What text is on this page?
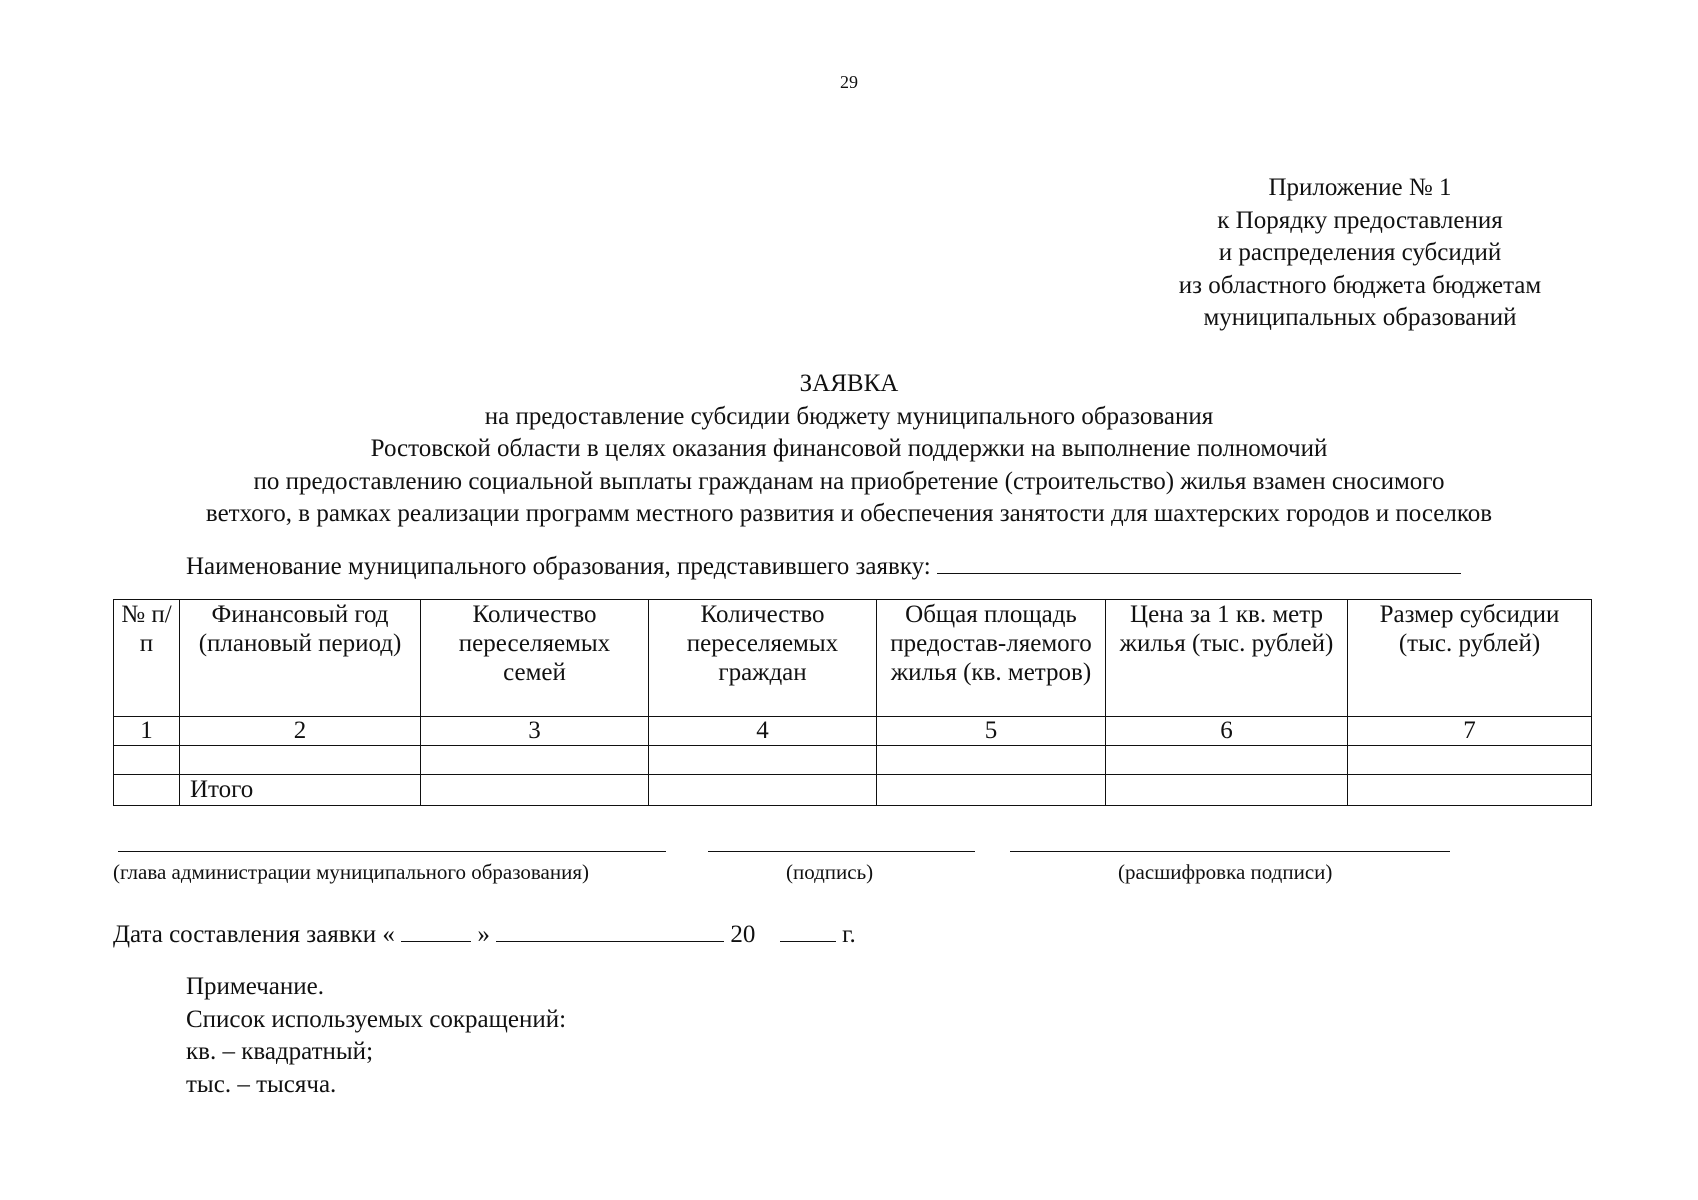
29
Приложение № 1
к Порядку предоставления
и распределения субсидий
из областного бюджета бюджетам
муниципальных образований
ЗАЯВКА
на предоставление субсидии бюджету муниципального образования
Ростовской области в целях оказания финансовой поддержки на выполнение полномочий
по предоставлению социальной выплаты гражданам на приобретение (строительство) жилья взамен сносимого
ветхого, в рамках реализации программ местного развития и обеспечения занятости для шахтерских городов и поселков
Наименование муниципального образования, представившего заявку:
№ п/п	Финансовый год (плановый период)	Количество переселяемых семей	Количество переселяемых граждан	Общая площадь предостав-ляемого жилья (кв. метров)	Цена за 1 кв. метр жилья (тыс. рублей)	Размер субсидии (тыс. рублей)
1	2	3	4	5	6	7

	Итого					
(глава администрации муниципального образования)	(подпись)	(расшифровка подписи)
Дата составления заявки «	»	20	г.
Примечание.
Список используемых сокращений:
кв. – квадратный;
тыс. – тысяча.
